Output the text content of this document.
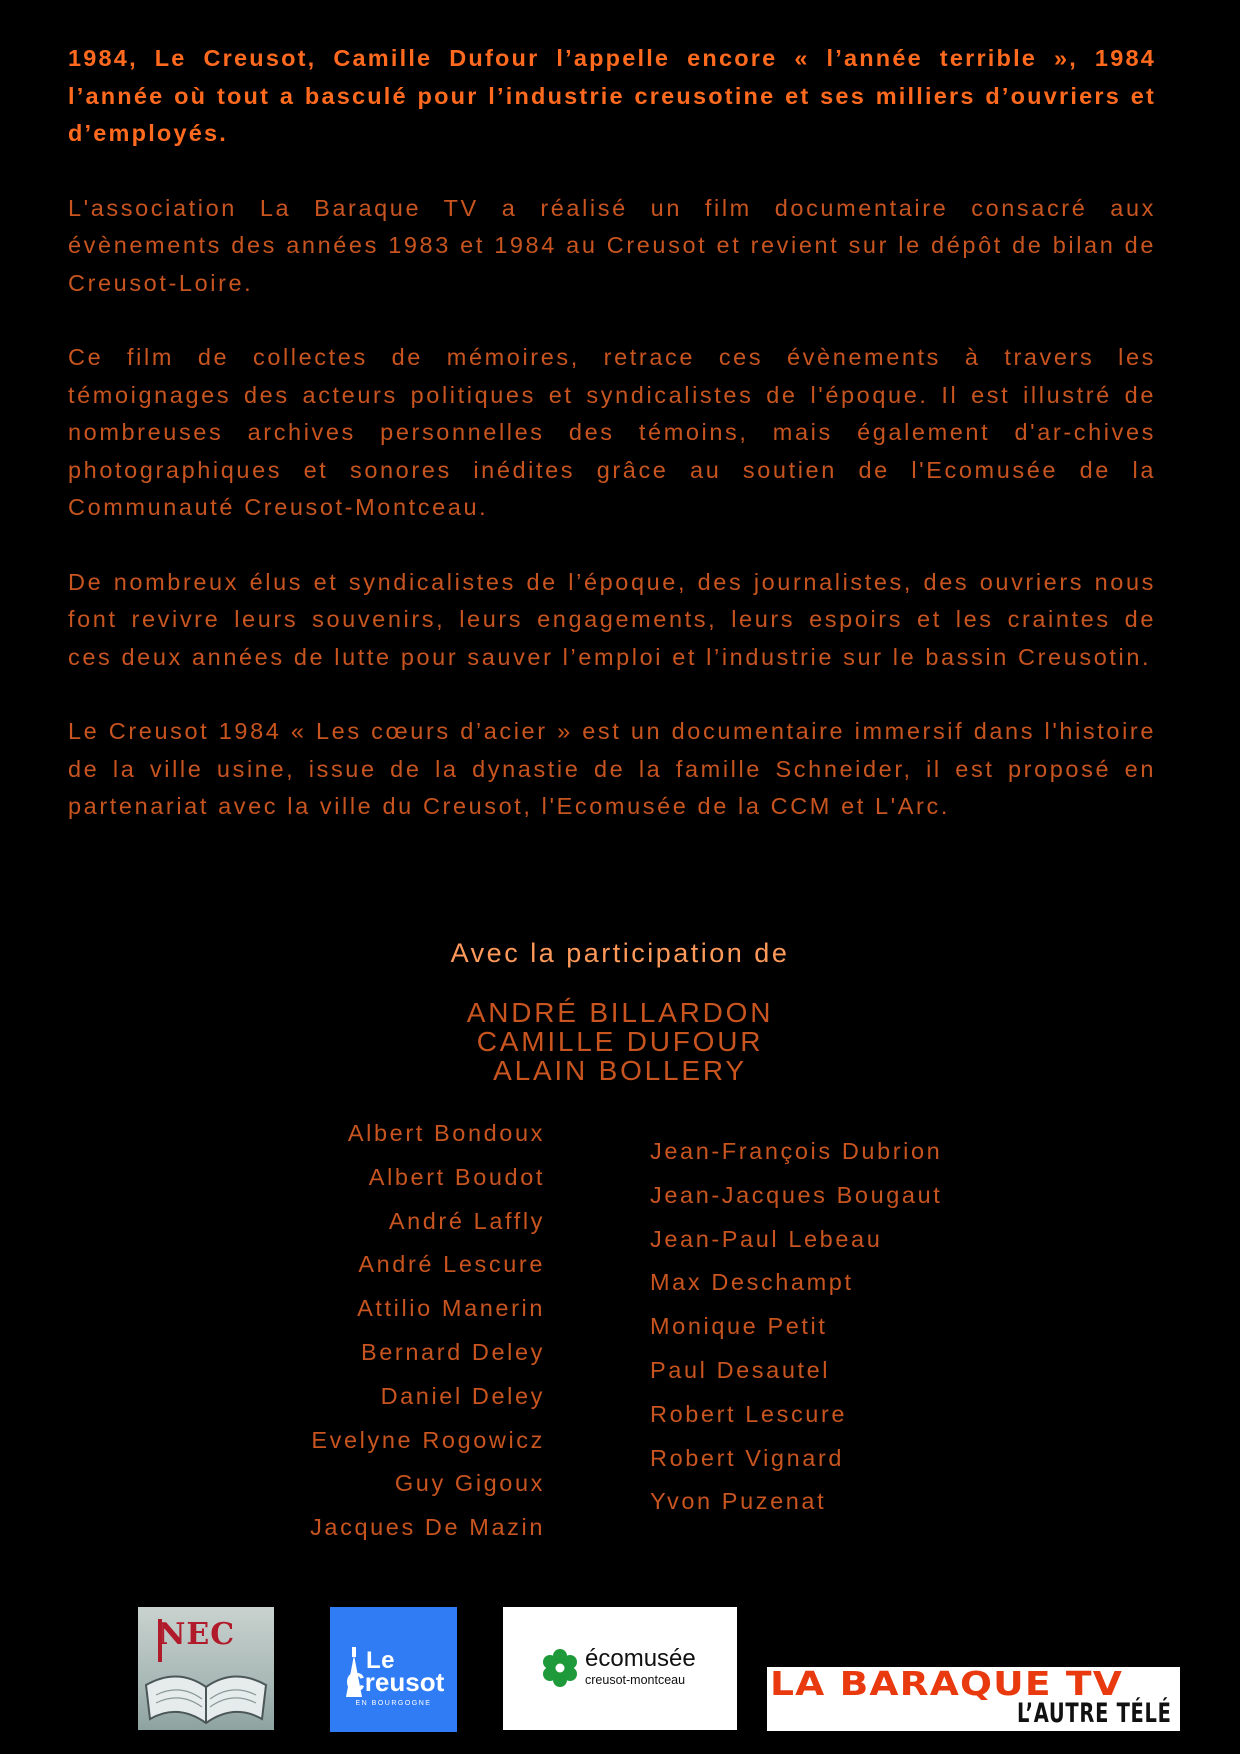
1984, Le Creusot, Camille Dufour l’appelle encore « l’année terrible », 1984 l’année où tout a basculé pour l’industrie creusotine et ses milliers d’ouvriers et d’employés.

L'association La Baraque TV a réalisé un film documentaire consacré aux évènements des années 1983 et 1984 au Creusot et revient sur le dépôt de bilan de Creusot-Loire.

Ce film de collectes de mémoires, retrace ces évènements à travers les témoignages des acteurs politiques et syndicalistes de l'époque. Il est illustré de nombreuses archives personnelles des témoins, mais également d'ar-chives photographiques et sonores inédites grâce au soutien de l'Ecomusée de la Communauté Creusot-Montceau.

De nombreux élus et syndicalistes de l’époque, des journalistes, des ouvriers nous font revivre leurs souvenirs, leurs engagements, leurs espoirs et les craintes de ces deux années de lutte pour sauver l’emploi et l’industrie sur le bassin Creusotin.

Le Creusot 1984 « Les cœurs d’acier » est un documentaire immersif dans l'histoire de la ville usine, issue de la dynastie de la famille Schneider, il est proposé en partenariat avec la ville du Creusot, l'Ecomusée de la CCM et L'Arc.

Avec la participation de
ANDRÉ BILLARDON
CAMILLE DUFOUR
ALAIN BOLLERY
Albert Bondoux
Albert Boudot
André Laffly
André Lescure
Attilio Manerin
Bernard Deley
Daniel Deley
Evelyne Rogowicz
Guy Gigoux
Jacques De Mazin
Jean-François Dubrion
Jean-Jacques Bougaut
Jean-Paul Lebeau
Max Deschampt
Monique Petit
Paul Desautel
Robert Lescure
Robert Vignard
Yvon Puzenat
NEC
Le
Creusot
EN BOURGOGNE
écomusée
creusot-montceau	LA BARAQUE TV
L’AUTRE TÉLÉ
